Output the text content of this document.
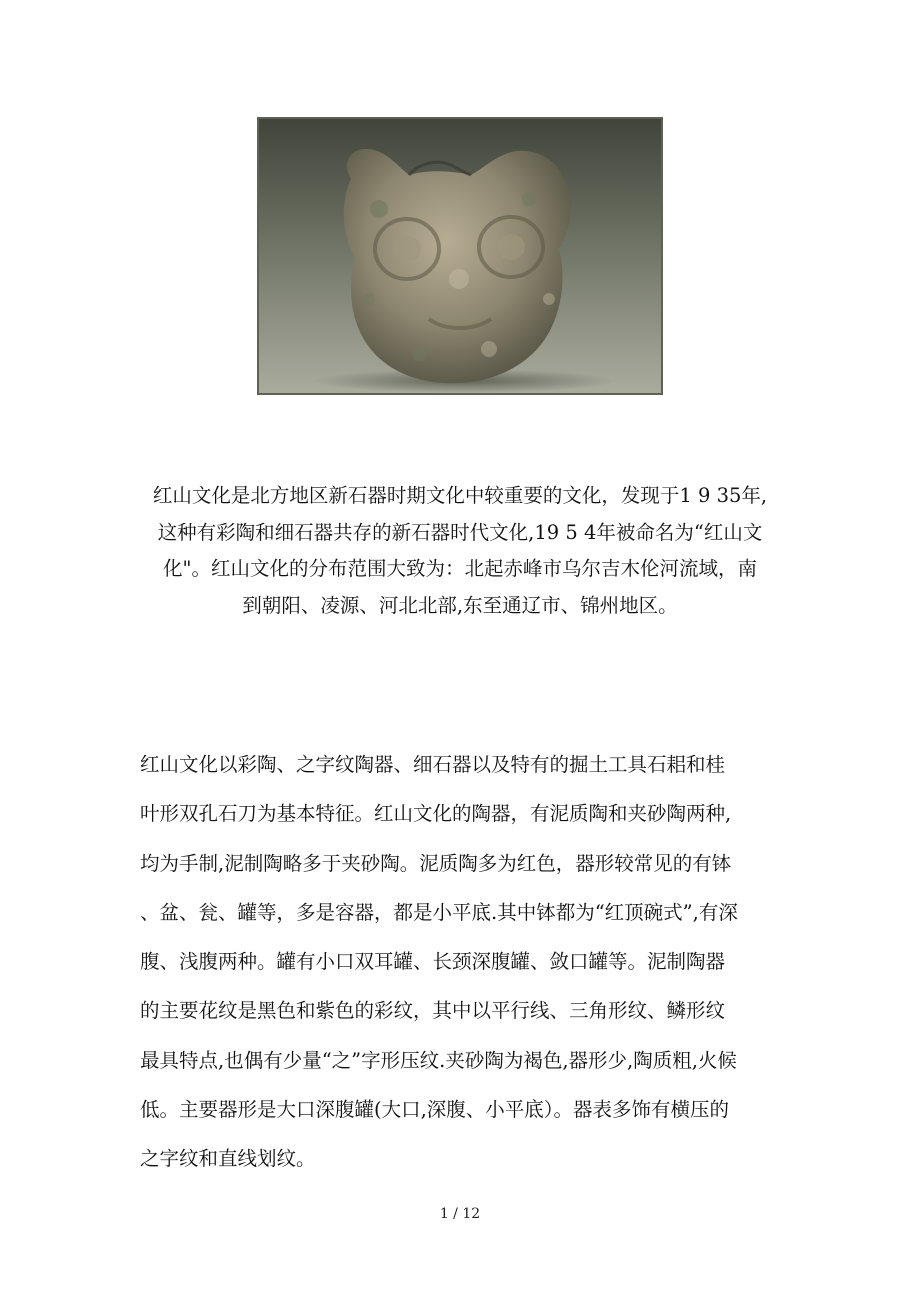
红山文化是北方地区新石器时期文化中较重要的文化，发现于1 9 35年,
这种有彩陶和细石器共存的新石器时代文化,19 5 4年被命名为“红山文
化"。红山文化的分布范围大致为：北起赤峰市乌尔吉木伦河流域，南
到朝阳、凌源、河北北部,东至通辽市、锦州地区。

红山文化以彩陶、之字纹陶器、细石器以及特有的掘土工具石耜和桂
叶形双孔石刀为基本特征。红山文化的陶器，有泥质陶和夹砂陶两种,
均为手制,泥制陶略多于夹砂陶。泥质陶多为红色，器形较常见的有钵
、盆、瓮、罐等，多是容器，都是小平底.其中钵都为“红顶碗式”,有深
腹、浅腹两种。罐有小口双耳罐、长颈深腹罐、敛口罐等。泥制陶器
的主要花纹是黑色和紫色的彩纹，其中以平行线、三角形纹、鳞形纹
最具特点,也偶有少量“之”字形压纹.夹砂陶为褐色,器形少,陶质粗,火候
低。主要器形是大口深腹罐(大口,深腹、小平底）。器表多饰有横压的
之字纹和直线划纹。

1 / 12
